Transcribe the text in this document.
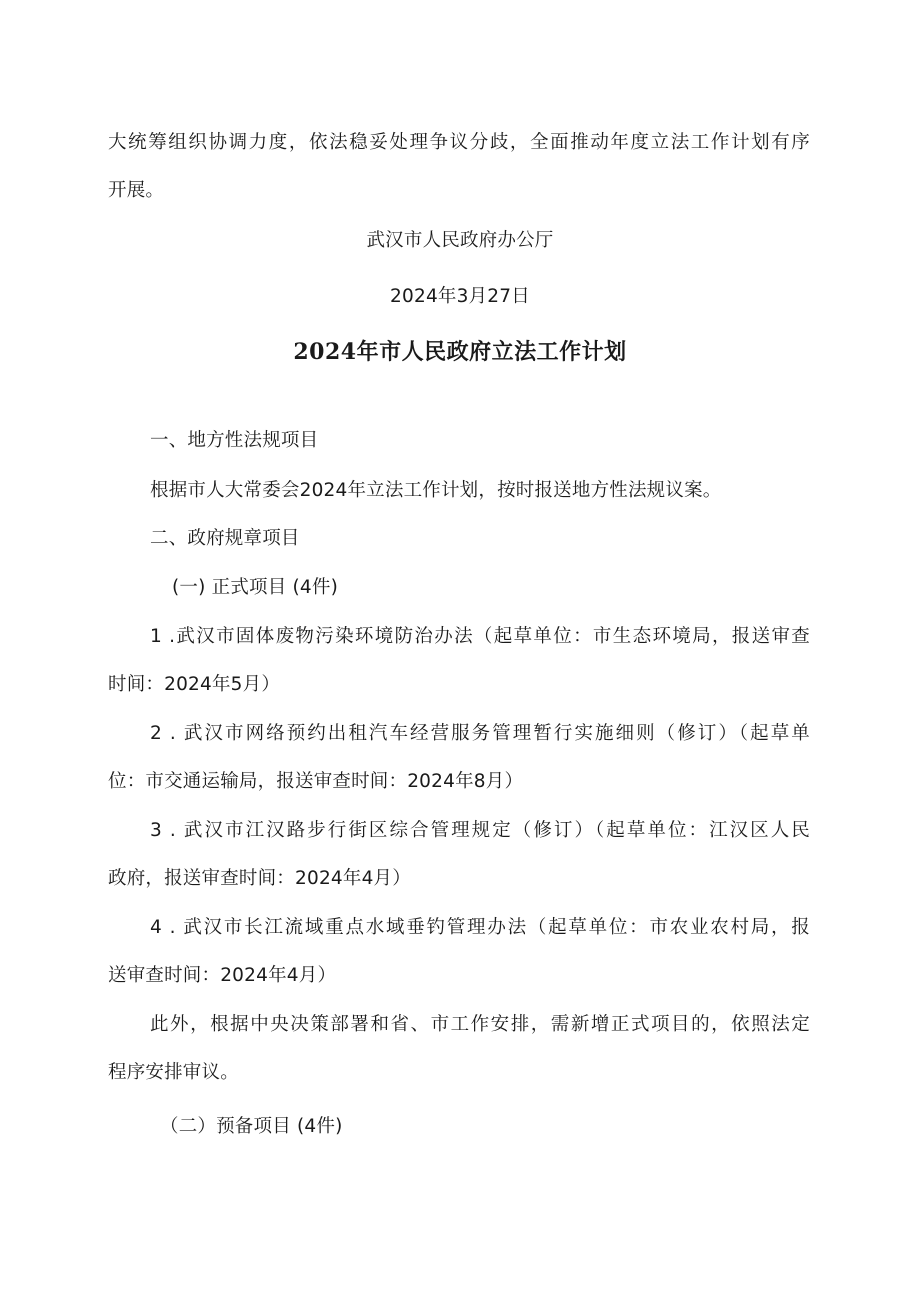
大统筹组织协调力度，依法稳妥处理争议分歧，全面推动年度立法工作计划有序
开展。
武汉市人民政府办公厅
2024年3月27日
2024年市人民政府立法工作计划
一、地方性法规项目
根据市人大常委会2024年立法工作计划，按时报送地方性法规议案。
二、政府规章项目
(一) 正式项目 (4件)
1 .武汉市固体废物污染环境防治办法（起草单位：市生态环境局，报送审查
时间：2024年5月）
2 . 武汉市网络预约出租汽车经营服务管理暂行实施细则（修订）（起草单
位：市交通运输局，报送审查时间：2024年8月）
3 . 武汉市江汉路步行街区综合管理规定（修订）（起草单位：江汉区人民
政府，报送审查时间：2024年4月）
4 . 武汉市长江流域重点水域垂钓管理办法（起草单位：市农业农村局，报
送审查时间：2024年4月）
此外，根据中央决策部署和省、市工作安排，需新增正式项目的，依照法定
程序安排审议。
（二）预备项目 (4件)
